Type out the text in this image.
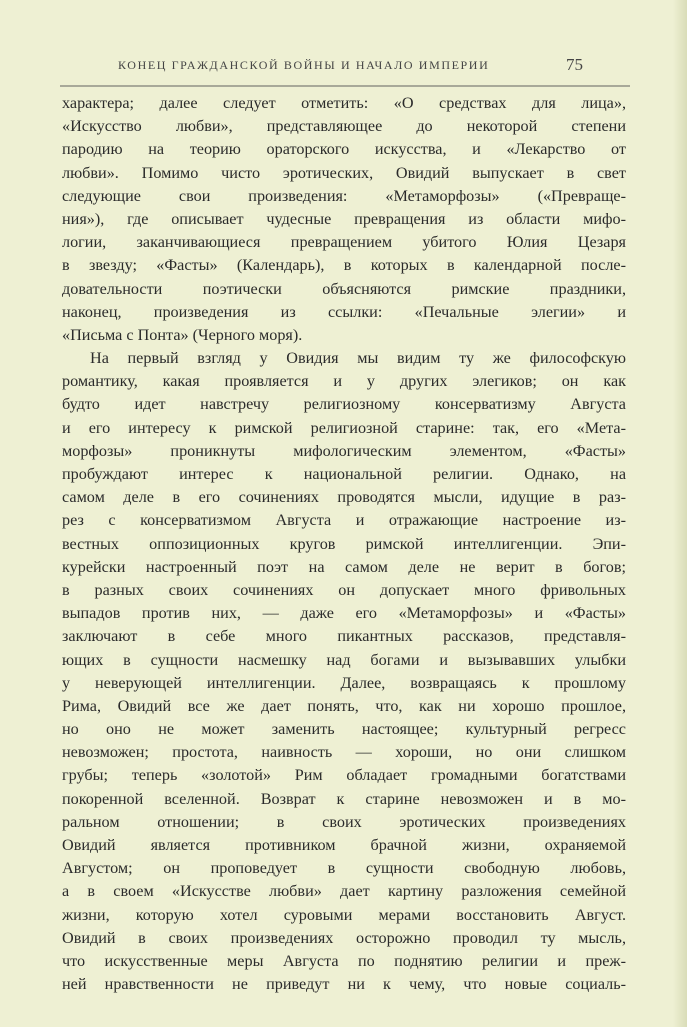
КОНЕЦ ГРАЖДАНСКОЙ ВОЙНЫ И НАЧАЛО ИМПЕРИИ	75
характера; далее следует отметить: «О средствах для лица»,
«Искусство любви», представляющее до некоторой степени
пародию на теорию ораторского искусства, и «Лекарство от
любви». Помимо чисто эротических, Овидий выпускает в свет
следующие свои произведения: «Метаморфозы» («Превраще-
ния»), где описывает чудесные превращения из области мифо-
логии, заканчивающиеся превращением убитого Юлия Цезаря
в звезду; «Фасты» (Календарь), в которых в календарной после-
довательности поэтически объясняются римские праздники,
наконец, произведения из ссылки: «Печальные элегии» и
«Письма с Понта» (Черного моря).
На первый взгляд у Овидия мы видим ту же философскую
романтику, какая проявляется и у других элегиков; он как
будто идет навстречу религиозному консерватизму Августа
и его интересу к римской религиозной старине: так, его «Мета-
морфозы» проникнуты мифологическим элементом, «Фасты»
пробуждают интерес к национальной религии. Однако, на
самом деле в его сочинениях проводятся мысли, идущие в раз-
рез с консерватизмом Августа и отражающие настроение из-
вестных оппозиционных кругов римской интеллигенции. Эпи-
курейски настроенный поэт на самом деле не верит в богов;
в разных своих сочинениях он допускает много фривольных
выпадов против них, — даже его «Метаморфозы» и «Фасты»
заключают в себе много пикантных рассказов, представля-
ющих в сущности насмешку над богами и вызывавших улыбки
у неверующей интеллигенции. Далее, возвращаясь к прошлому
Рима, Овидий все же дает понять, что, как ни хорошо прошлое,
но оно не может заменить настоящее; культурный регресс
невозможен; простота, наивность — хороши, но они слишком
грубы; теперь «золотой» Рим обладает громадными богатствами
покоренной вселенной. Возврат к старине невозможен и в мо-
ральном отношении; в своих эротических произведениях
Овидий является противником брачной жизни, охраняемой
Августом; он проповедует в сущности свободную любовь,
а в своем «Искусстве любви» дает картину разложения семейной
жизни, которую хотел суровыми мерами восстановить Август.
Овидий в своих произведениях осторожно проводил ту мысль,
что искусственные меры Августа по поднятию религии и преж-
ней нравственности не приведут ни к чему, что новые социаль-
